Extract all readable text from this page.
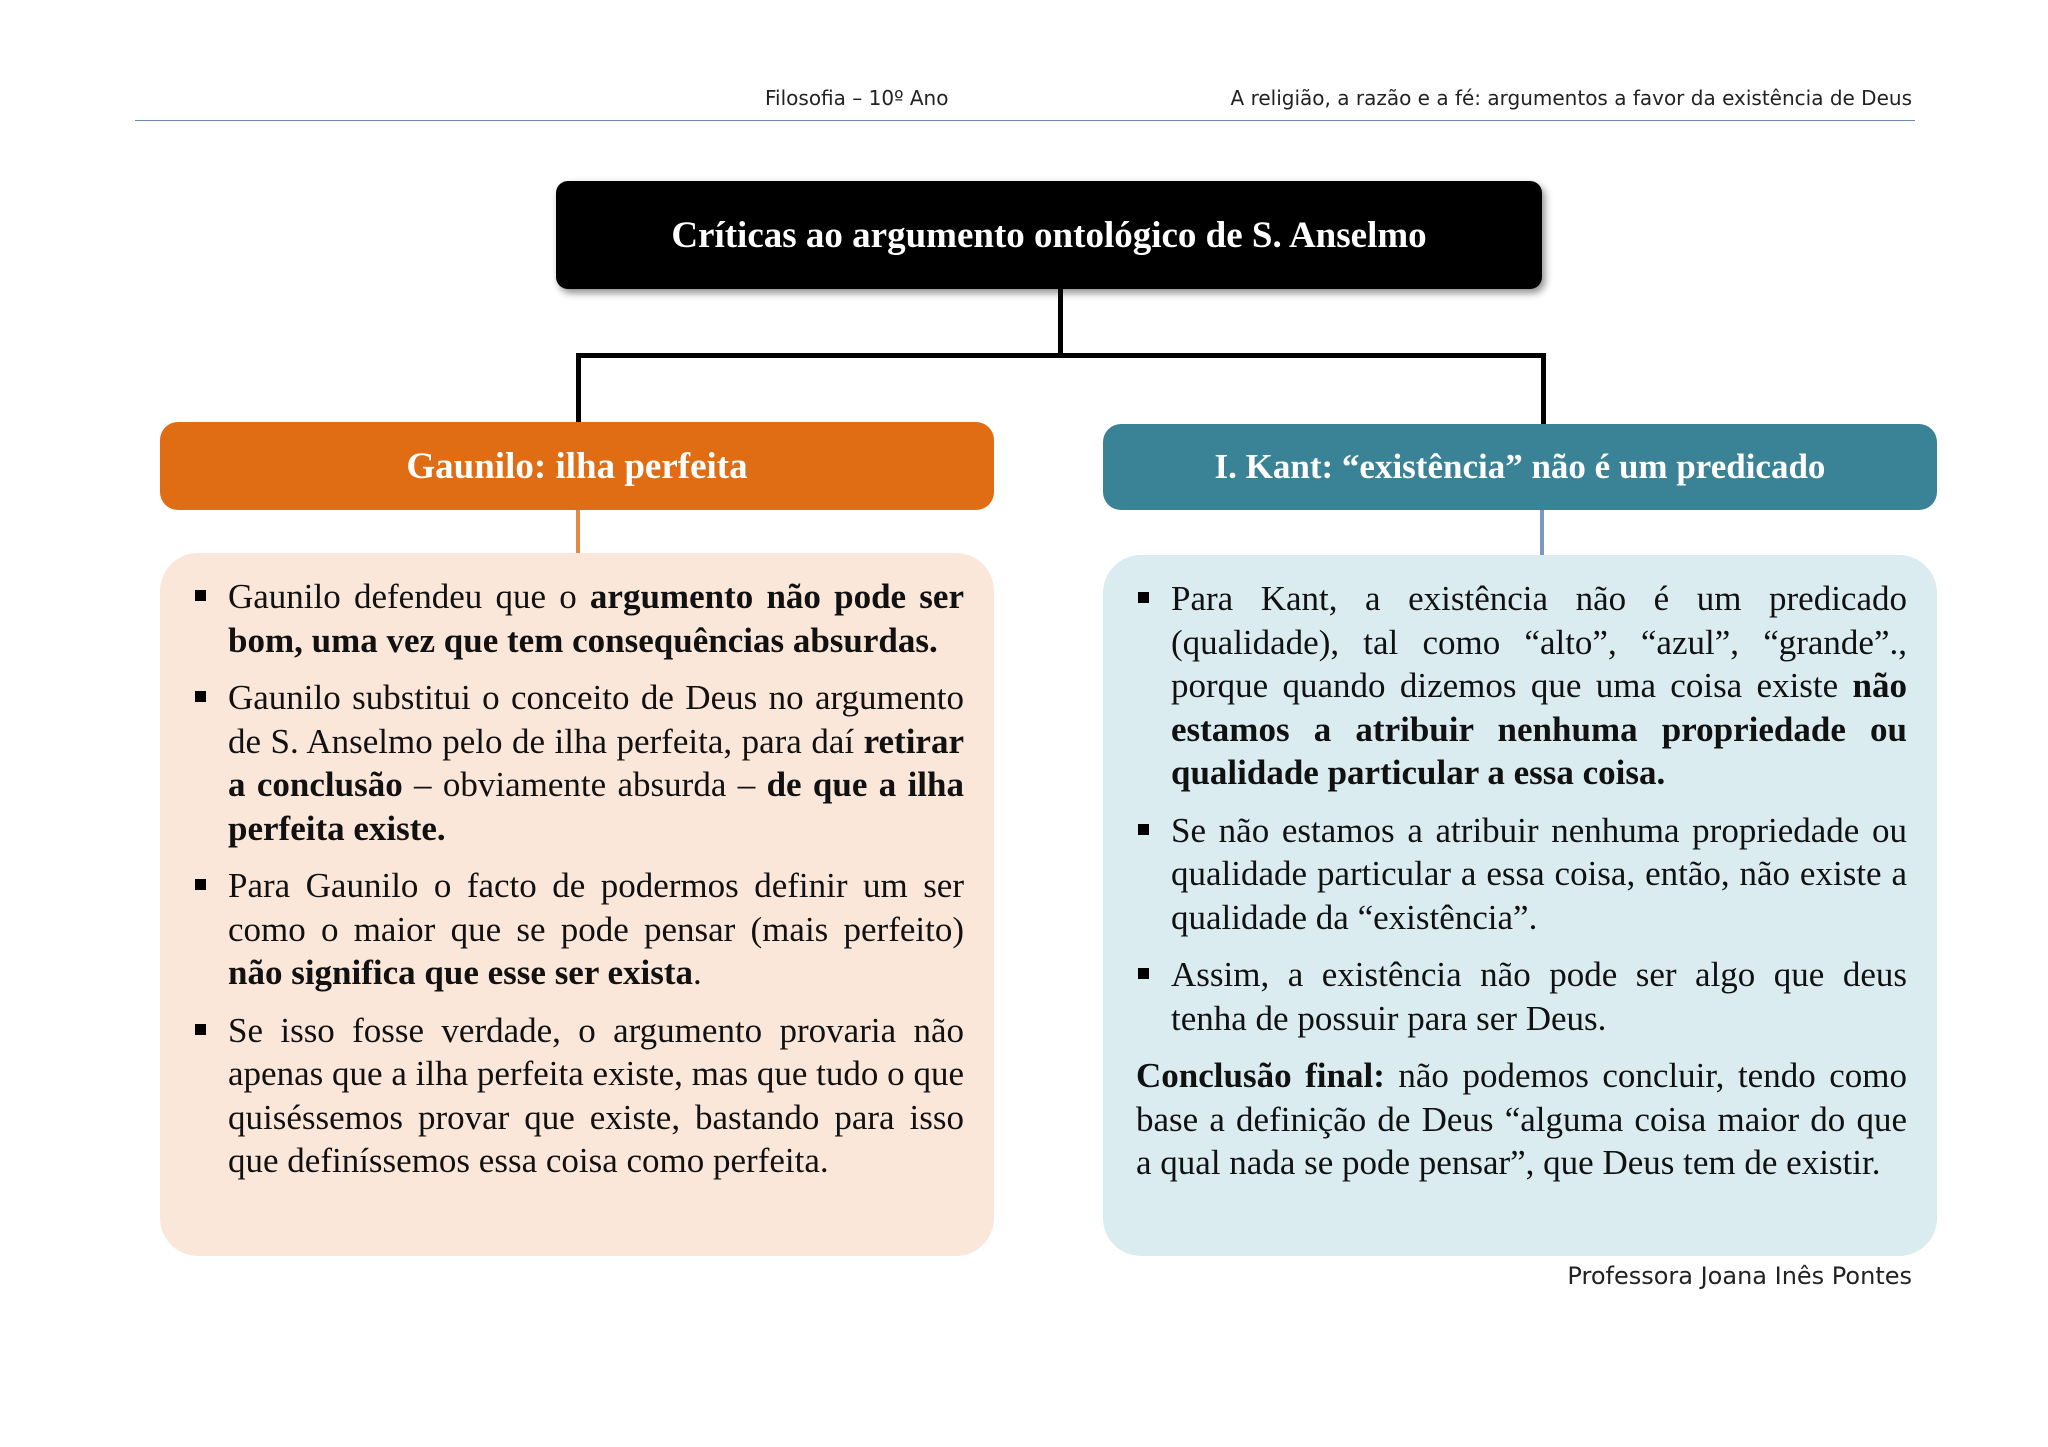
Filosofia – 10º Ano	A religião, a razão e a fé: argumentos a favor da existência de Deus
Críticas ao argumento ontológico de S. Anselmo
Gaunilo: ilha perfeita	I. Kant: “existência” não é um predicado
Gaunilo defendeu que o argumento não pode ser bom, uma vez que tem consequências absurdas.
Gaunilo substitui o conceito de Deus no argumento de S. Anselmo pelo de ilha perfeita, para daí retirar a conclusão – obviamente absurda – de que a ilha perfeita existe.
Para Gaunilo o facto de podermos definir um ser como o maior que se pode pensar (mais perfeito) não significa que esse ser exista.
Se isso fosse verdade, o argumento provaria não apenas que a ilha perfeita existe, mas que tudo o que quiséssemos provar que existe, bastando para isso que definíssemos essa coisa como perfeita.
Para Kant, a existência não é um predicado (qualidade), tal como “alto”, “azul”, “grande”., porque quando dizemos que uma coisa existe não estamos a atribuir nenhuma propriedade ou qualidade particular a essa coisa.
Se não estamos a atribuir nenhuma propriedade ou qualidade particular a essa coisa, então, não existe a qualidade da “existência”.
Assim, a existência não pode ser algo que deus tenha de possuir para ser Deus.

Conclusão final: não podemos concluir, tendo como base a definição de Deus “alguma coisa maior do que a qual nada se pode pensar”, que Deus tem de existir.

Professora Joana Inês Pontes
